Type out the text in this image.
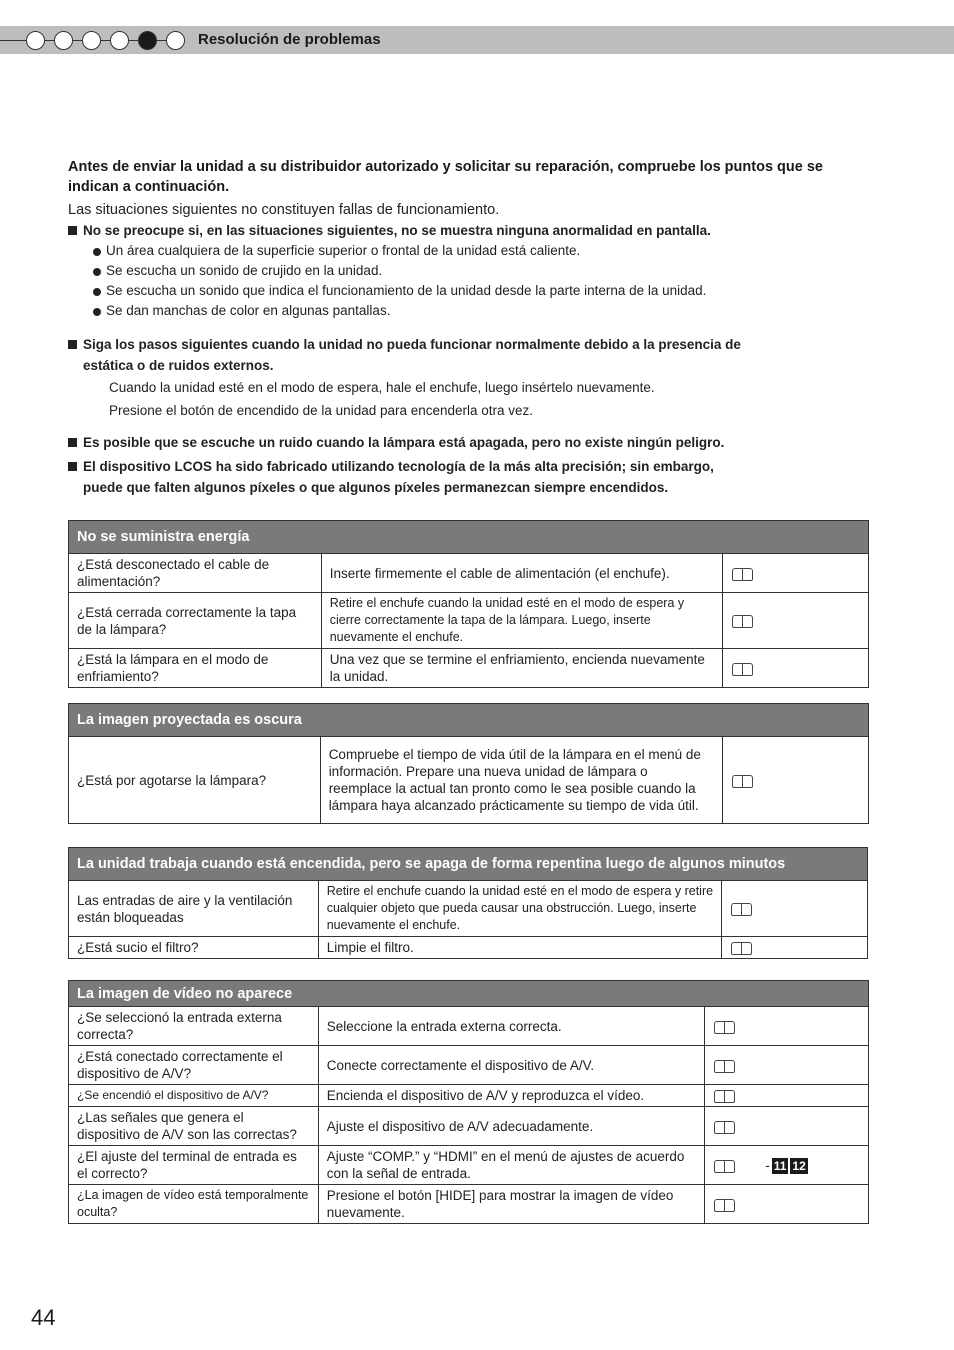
Resolución de problemas

Antes de enviar la unidad a su distribuidor autorizado y solicitar su reparación, compruebe los puntos que se indican a continuación.

Las situaciones siguientes no constituyen fallas de funcionamiento.

No se preocupe si, en las situaciones siguientes, no se muestra ninguna anormalidad en pantalla.

Un área cualquiera de la superficie superior o frontal de la unidad está caliente.

Se escucha un sonido de crujido en la unidad.

Se escucha un sonido que indica el funcionamiento de la unidad desde la parte interna de la unidad.

Se dan manchas de color en algunas pantallas.

Siga los pasos siguientes cuando la unidad no pueda funcionar normalmente debido a la presencia de

estática o de ruidos externos.

Cuando la unidad esté en el modo de espera, hale el enchufe, luego insértelo nuevamente.

Presione el botón de encendido de la unidad para encenderla otra vez.

Es posible que se escuche un ruido cuando la lámpara está apagada, pero no existe ningún peligro.

El dispositivo LCOS ha sido fabricado utilizando tecnología de la más alta precisión; sin embargo,

puede que falten algunos píxeles o que algunos píxeles permanezcan siempre encendidos.

No se suministra energía		
¿Está desconectado el cable de alimentación?	Inserte firmemente el cable de alimentación (el enchufe).	
¿Está cerrada correctamente la tapa de la lámpara?	Retire el enchufe cuando la unidad esté en el modo de espera y cierre correctamente la tapa de la lámpara. Luego, inserte nuevamente el enchufe.	
¿Está la lámpara en el modo de enfriamiento?	Una vez que se termine el enfriamiento, encienda nuevamente la unidad.	
La imagen proyectada es oscura
¿Está por agotarse la lámpara?	Compruebe el tiempo de vida útil de la lámpara en el menú de información. Prepare una nueva unidad de lámpara o reemplace la actual tan pronto como le sea posible cuando la lámpara haya alcanzado prácticamente su tiempo de vida útil.	
La unidad trabaja cuando está encendida, pero se apaga de forma repentina luego de algunos minutos		
Las entradas de aire y la ventilación están bloqueadas	Retire el enchufe cuando la unidad esté en el modo de espera y retire cualquier objeto que pueda causar una obstrucción. Luego, inserte nuevamente el enchufe.	
¿Está sucio el filtro?	Limpie el filtro.	
La imagen de vídeo no aparece		
¿Se seleccionó la entrada externa correcta?	Seleccione la entrada externa correcta.	
¿Está conectado correctamente el dispositivo de A/V?	Conecte correctamente el dispositivo de A/V.	
¿Se encendió el dispositivo de A/V?	Encienda el dispositivo de A/V y reproduzca el vídeo.	
¿Las señales que genera el dispositivo de A/V son las correctas?	Ajuste el dispositivo de A/V adecuadamente.	
¿El ajuste del terminal de entrada es el correcto?	Ajuste “COMP.” y “HDMI” en el menú de ajustes de acuerdo con la señal de entrada.	- 11 12
¿La imagen de vídeo está temporalmente oculta?	Presione el botón [HIDE] para mostrar la imagen de vídeo nuevamente.	
44
